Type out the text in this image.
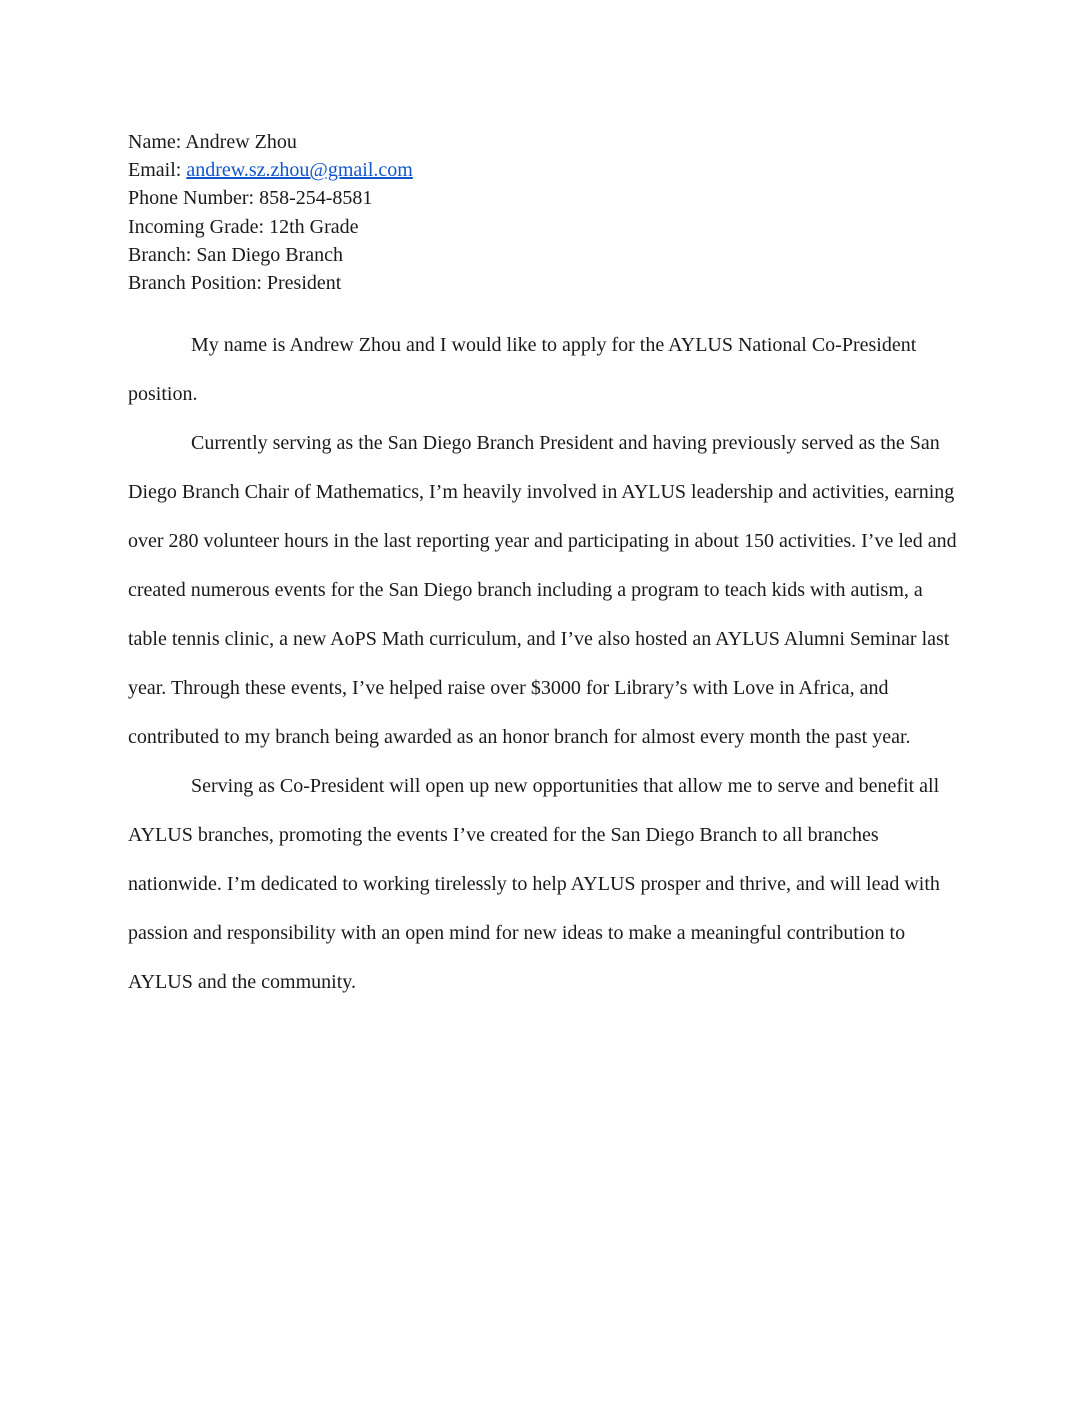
Name: Andrew Zhou
Email: andrew.sz.zhou@gmail.com
Phone Number: 858-254-8581
Incoming Grade: 12th Grade
Branch: San Diego Branch
Branch Position: President

My name is Andrew Zhou and I would like to apply for the AYLUS National Co-President position.

Currently serving as the San Diego Branch President and having previously served as the San Diego Branch Chair of Mathematics, I’m heavily involved in AYLUS leadership and activities, earning over 280 volunteer hours in the last reporting year and participating in about 150 activities. I’ve led and created numerous events for the San Diego branch including a program to teach kids with autism, a table tennis clinic, a new AoPS Math curriculum, and I’ve also hosted an AYLUS Alumni Seminar last year. Through these events, I’ve helped raise over $3000 for Library’s with Love in Africa, and contributed to my branch being awarded as an honor branch for almost every month the past year.

Serving as Co-President will open up new opportunities that allow me to serve and benefit all AYLUS branches, promoting the events I’ve created for the San Diego Branch to all branches nationwide. I’m dedicated to working tirelessly to help AYLUS prosper and thrive, and will lead with passion and responsibility with an open mind for new ideas to make a meaningful contribution to AYLUS and the community.
